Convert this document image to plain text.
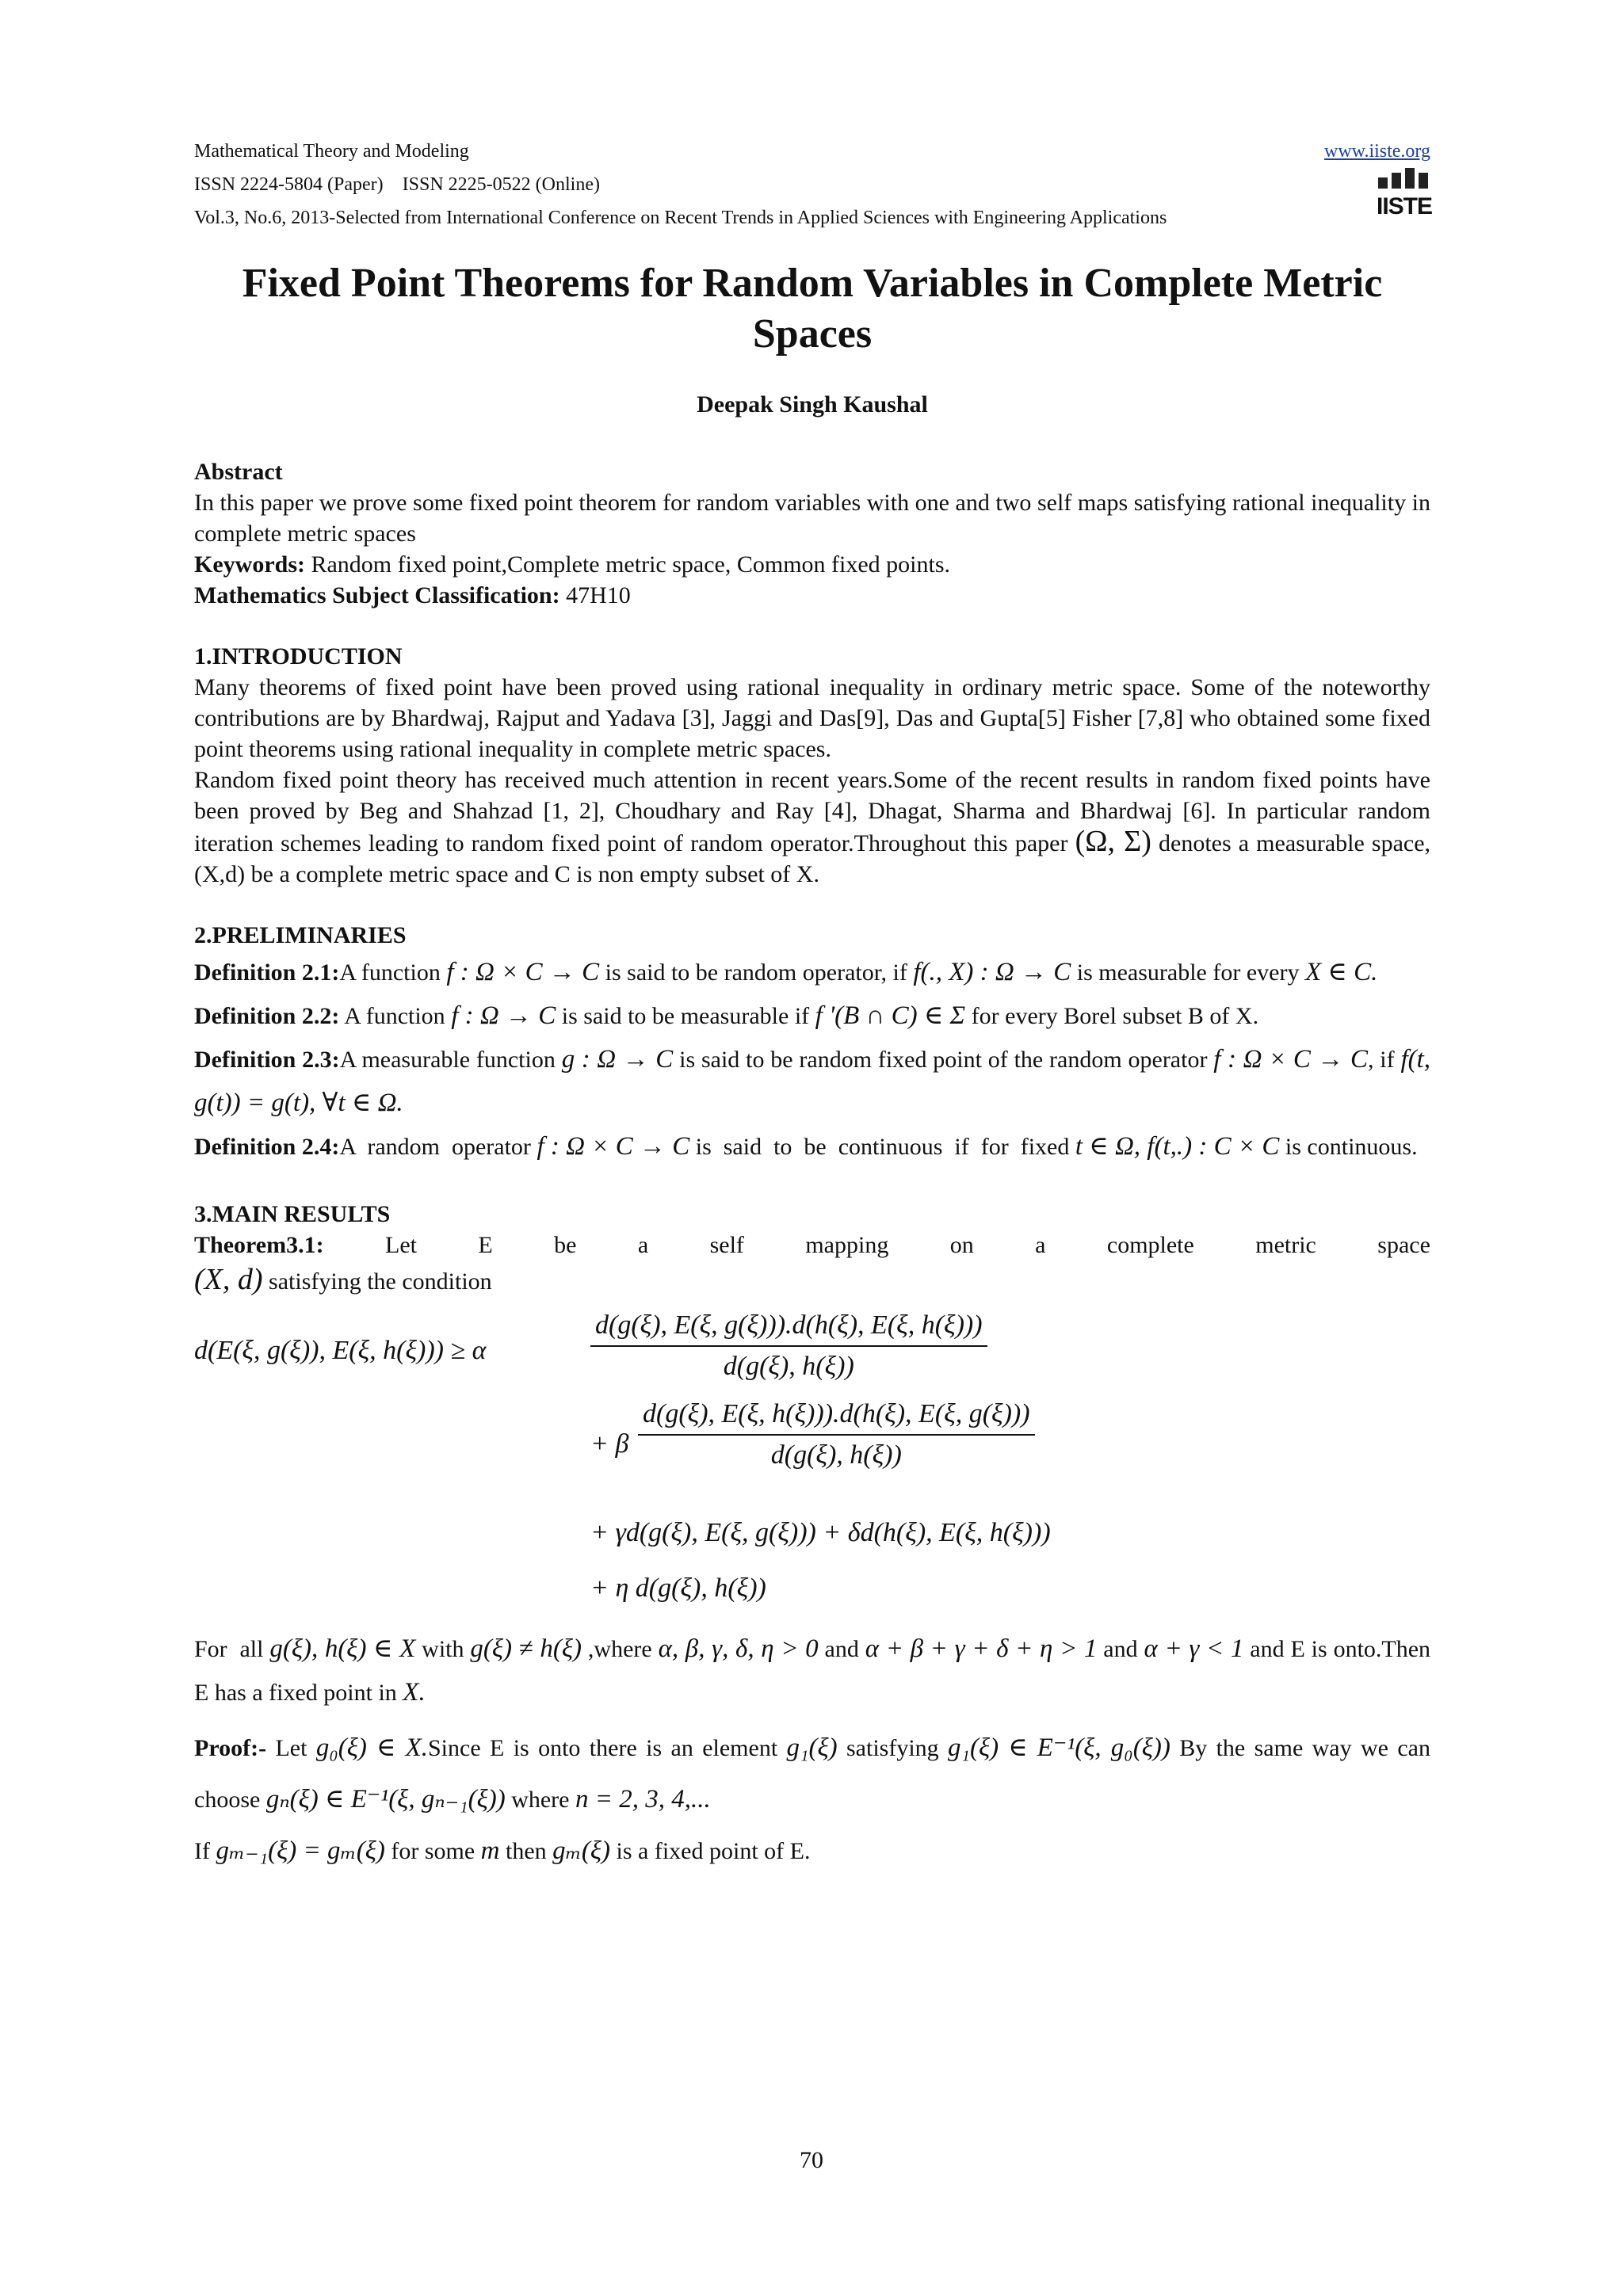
Mathematical Theory and Modeling	www.iiste.org
ISSN 2224-5804 (Paper)    ISSN 2225-0522 (Online)
Vol.3, No.6, 2013-Selected from International Conference on Recent Trends in Applied Sciences with Engineering Applications	IISTE
Fixed Point Theorems for Random Variables in Complete Metric Spaces
Deepak Singh Kaushal
Abstract
In this paper we prove some fixed point theorem for random variables with one and two self maps satisfying rational inequality in complete metric spaces
Keywords: Random fixed point,Complete metric space, Common fixed points.
Mathematics Subject Classification: 47H10
1.INTRODUCTION
Many theorems of fixed point have been proved using rational inequality in ordinary metric space. Some of the noteworthy contributions are by Bhardwaj, Rajput and Yadava [3], Jaggi and Das[9], Das and Gupta[5] Fisher [7,8] who obtained some fixed point theorems using rational inequality in complete metric spaces.
Random fixed point theory has received much attention in recent years.Some of the recent results in random fixed points have been proved by Beg and Shahzad [1, 2], Choudhary and Ray [4], Dhagat, Sharma and Bhardwaj [6]. In particular random iteration schemes leading to random fixed point of random operator.Throughout this paper (Ω, Σ) denotes a measurable space, (X,d) be a complete metric space and C is non empty subset of X.
2.PRELIMINARIES
Definition 2.1:A function f : Ω × C → C is said to be random operator, if f(., X) : Ω → C is measurable for every X ∈ C.
Definition 2.2: A function f : Ω → C is said to be measurable if f '(B ∩ C) ∈ Σ for every Borel subset B of X.
Definition 2.3:A measurable function g : Ω → C is said to be random fixed point of the random operator f : Ω × C → C, if f(t, g(t)) = g(t), ∀t ∈ Ω.
Definition 2.4:A  random  operator f : Ω × C → C is  said  to  be  continuous  if  for  fixed t ∈ Ω, f(t,.) : C × C is continuous.
3.MAIN RESULTS
Theorem3.1:	Let	E	be	a	self	mapping	on	a	complete	metric	space
(X, d) satisfying the condition
d(E(ξ, g(ξ)), E(ξ, h(ξ))) ≥ α	$\frac{d(g(\xi), E(\xi, g(\xi))).d(h(\xi), E(\xi, h(\xi)))}{d(g(\xi), h(\xi))}$
+ β $\frac{d(g(\xi), E(\xi, h(\xi))).d(h(\xi), E(\xi, g(\xi)))}{d(g(\xi), h(\xi))}$
+ γd(g(ξ), E(ξ, g(ξ))) + δd(h(ξ), E(ξ, h(ξ)))
+ η d(g(ξ), h(ξ))
For  all g(ξ), h(ξ) ∈ X with g(ξ) ≠ h(ξ) ,where α, β, γ, δ, η > 0 and α + β + γ + δ + η > 1 and α + γ < 1 and E is onto.Then E has a fixed point in X.
Proof:- Let g₀(ξ) ∈ X.Since E is onto there is an element g₁(ξ) satisfying g₁(ξ) ∈ E⁻¹(ξ, g₀(ξ)) By the same way we can choose gₙ(ξ) ∈ E⁻¹(ξ, gₙ₋₁(ξ)) where n = 2, 3, 4,...
If gₘ₋₁(ξ) = gₘ(ξ) for some m then gₘ(ξ) is a fixed point of E.
70
